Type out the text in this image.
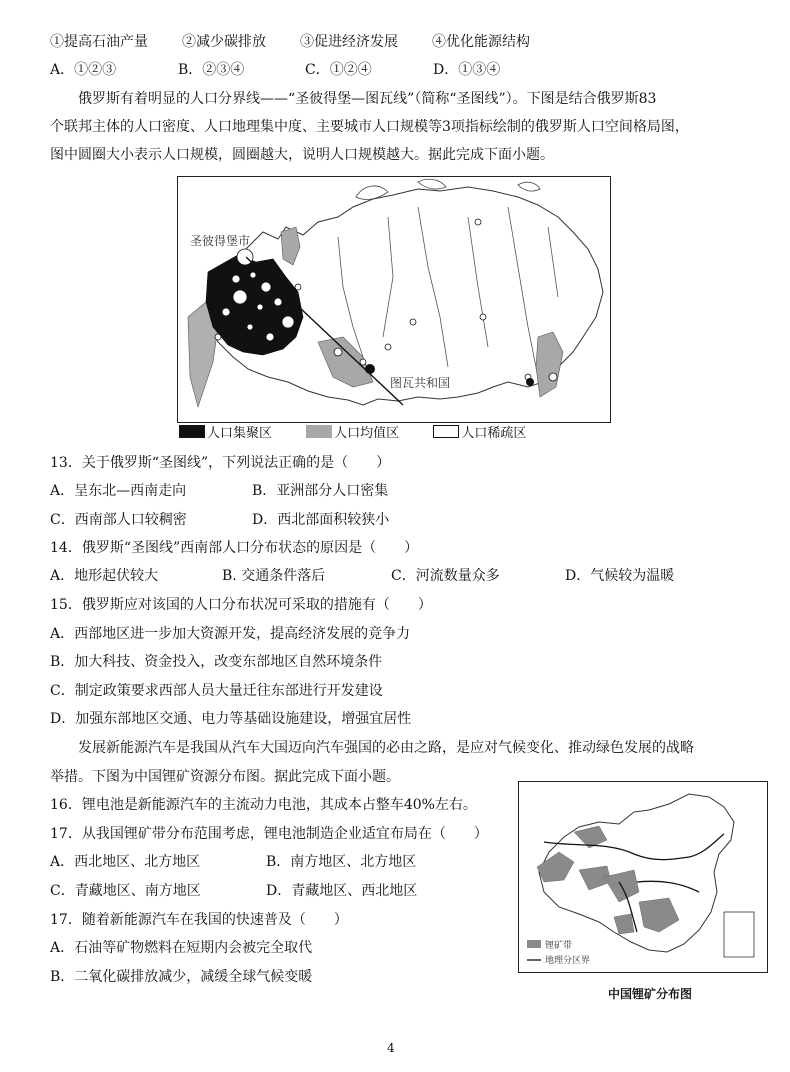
①提高石油产量 ②减少碳排放 ③促进经济发展 ④优化能源结构
A．①②③	B．②③④	C．①②④	D．①③④
俄罗斯有着明显的人口分界线——“圣彼得堡—图瓦线”（简称“圣图线”）。下图是结合俄罗斯83
个联邦主体的人口密度、人口地理集中度、主要城市人口规模等3项指标绘制的俄罗斯人口空间格局图，
图中圆圈大小表示人口规模，圆圈越大，说明人口规模越大。据此完成下面小题。
圣彼得堡市
图瓦共和国
人口集聚区	人口均值区	人口稀疏区
13．关于俄罗斯“圣图线”，下列说法正确的是（　　）
A．呈东北—西南走向	B．亚洲部分人口密集
C．西南部人口较稠密	D．西北部面积较狭小
14．俄罗斯“圣图线”西南部人口分布状态的原因是（　　）
A．地形起伏较大	B. 交通条件落后	C．河流数量众多	D．气候较为温暖
15．俄罗斯应对该国的人口分布状况可采取的措施有（　　）
A．西部地区进一步加大资源开发，提高经济发展的竞争力
B．加大科技、资金投入，改变东部地区自然环境条件
C．制定政策要求西部人员大量迁往东部进行开发建设
D．加强东部地区交通、电力等基础设施建设，增强宜居性
发展新能源汽车是我国从汽车大国迈向汽车强国的必由之路，是应对气候变化、推动绿色发展的战略
举措。下图为中国锂矿资源分布图。据此完成下面小题。
16．锂电池是新能源汽车的主流动力电池，其成本占整车40%左右。
17．从我国锂矿带分布范围考虑，锂电池制造企业适宜布局在（　　）
A．西北地区、北方地区	B．南方地区、北方地区
C．青藏地区、南方地区	D．青藏地区、西北地区
17．随着新能源汽车在我国的快速普及（　　）
A．石油等矿物燃料在短期内会被完全取代
B．二氧化碳排放减少，减缓全球气候变暖
锂矿带
地理分区界
中国锂矿分布图
4
